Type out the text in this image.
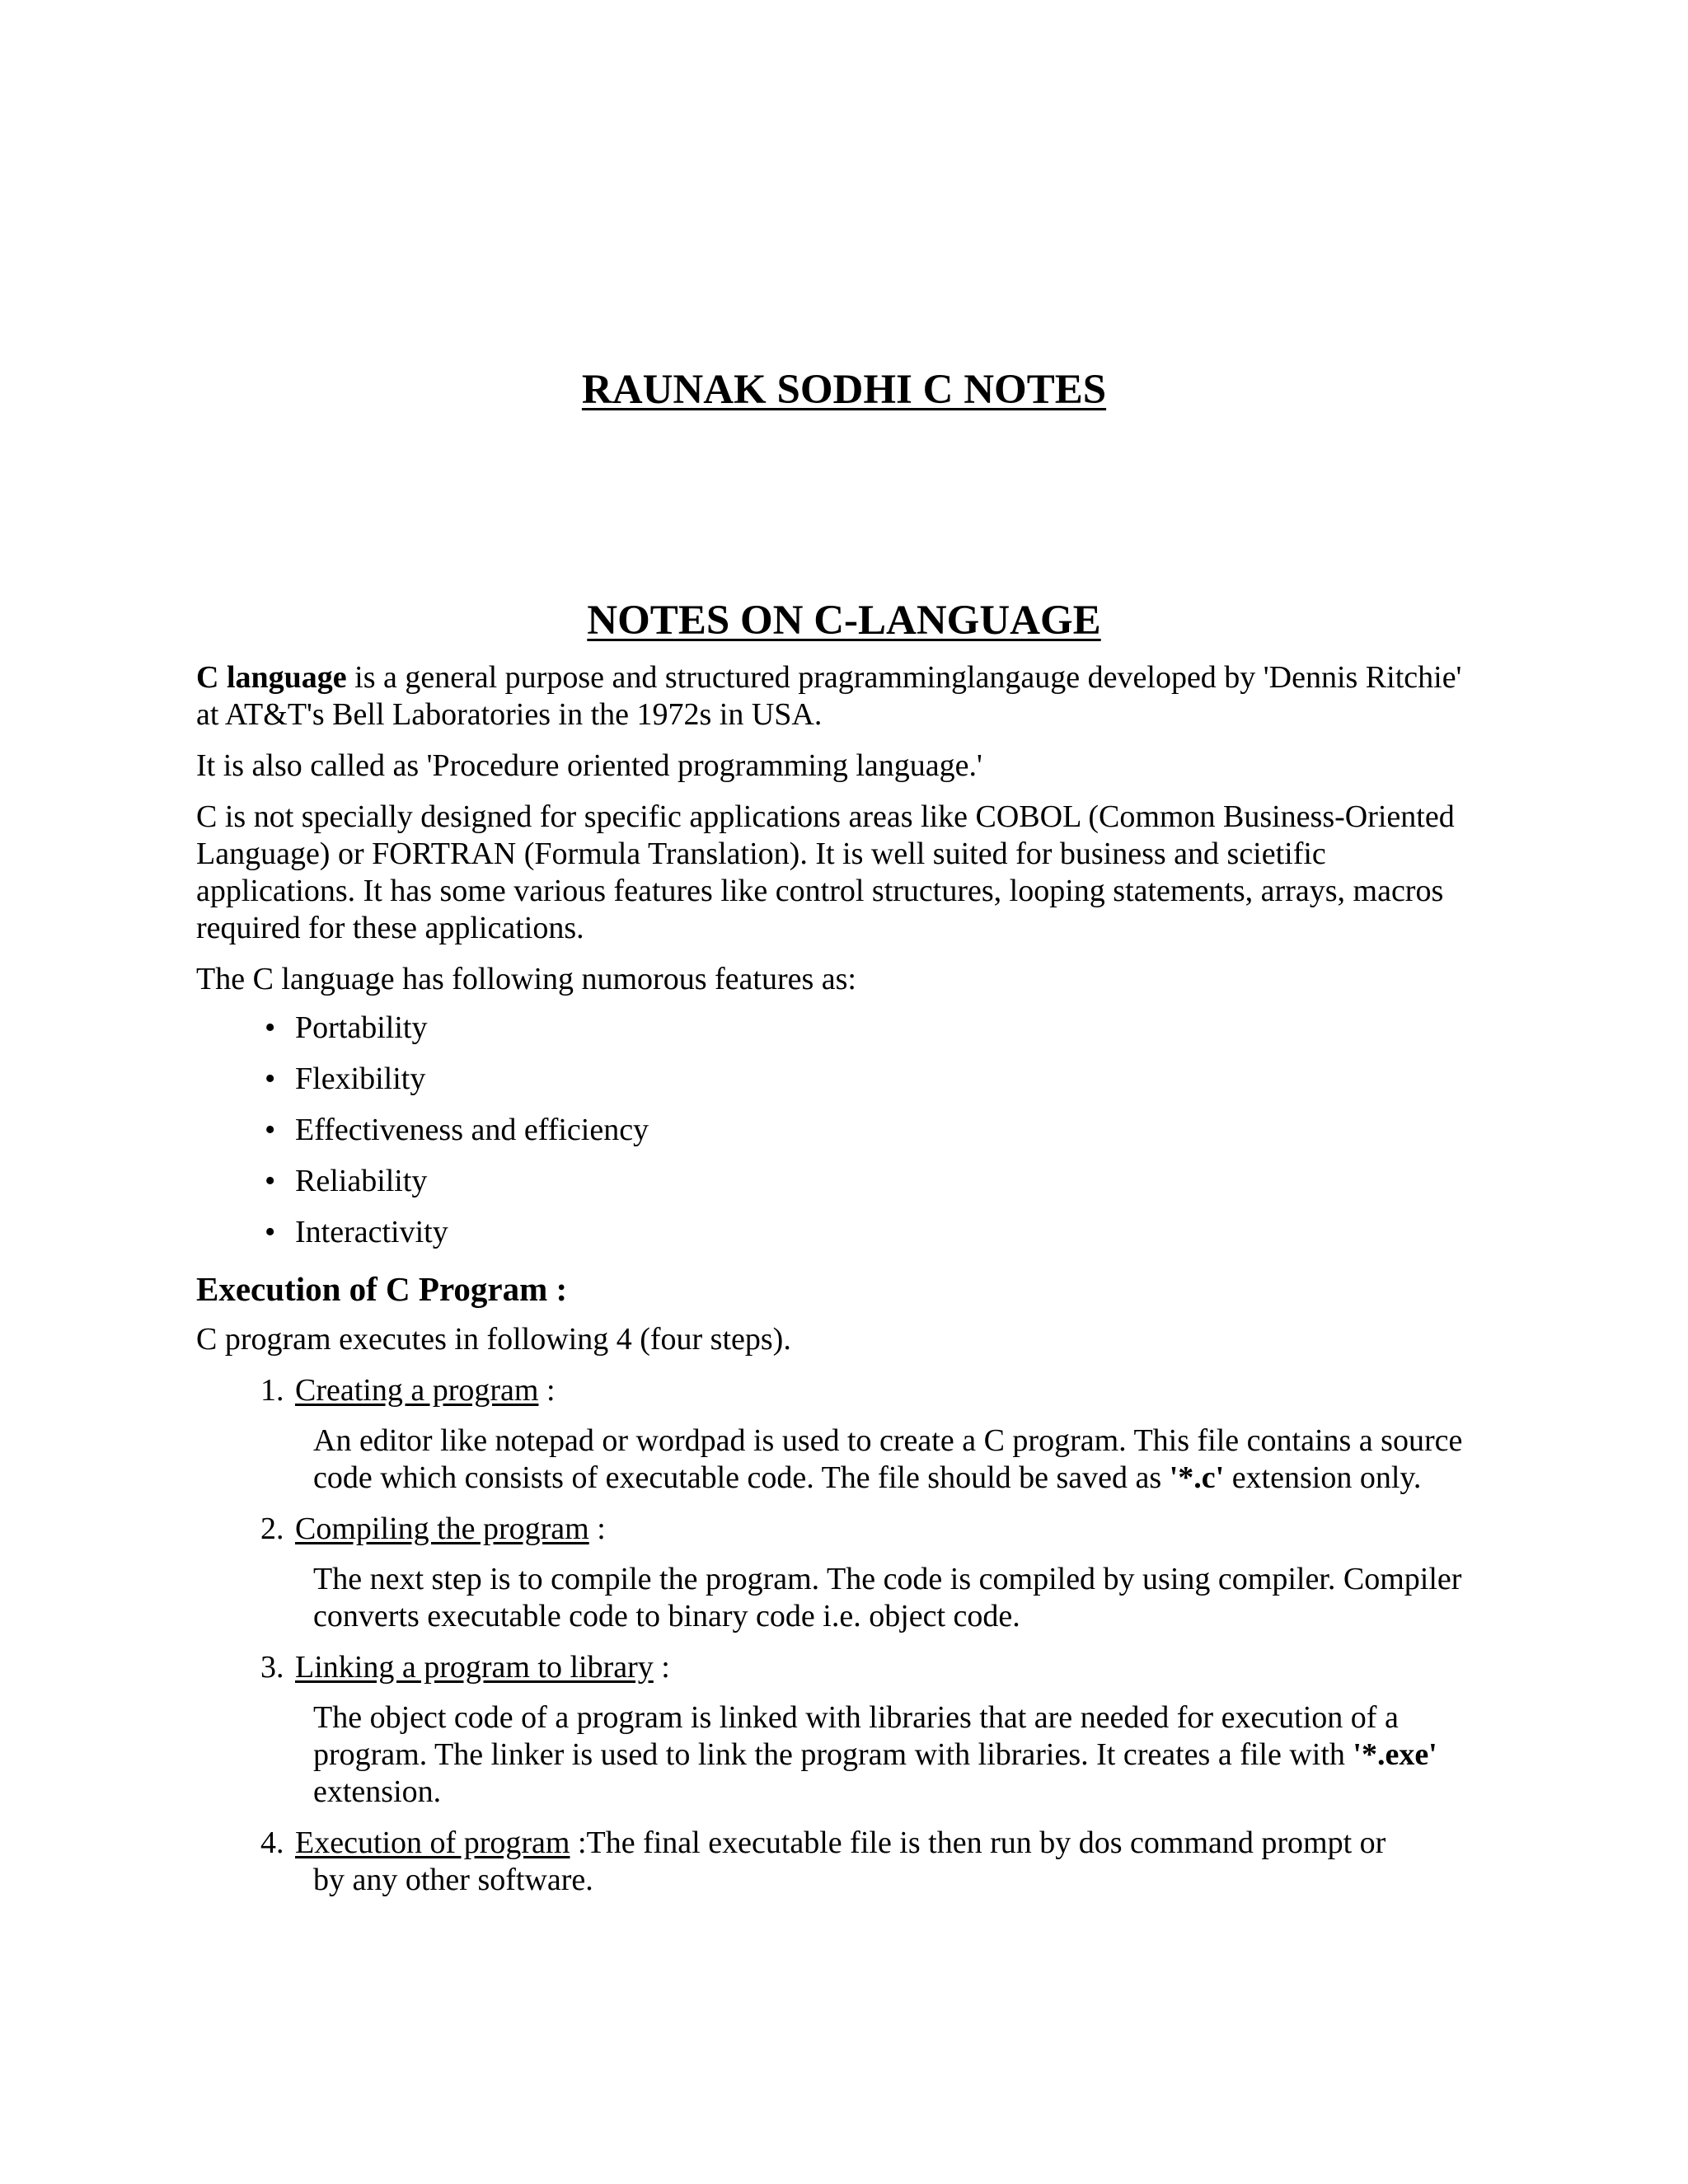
RAUNAK SODHI C NOTES
NOTES ON C-LANGUAGE

C language is a general purpose and structured pragramminglangauge developed by 'Dennis Ritchie' at AT&T's Bell Laboratories in the 1972s in USA.

It is also called as 'Procedure oriented programming language.'

C is not specially designed for specific applications areas like COBOL (Common Business-Oriented Language) or FORTRAN (Formula Translation). It is well suited for business and scietific applications. It has some various features like control structures, looping statements, arrays, macros required for these applications.

The C language has following numorous features as:

• Portability
• Flexibility
• Effectiveness and efficiency
• Reliability
• Interactivity
Execution of C Program :

C program executes in following 4 (four steps).

1. Creating a program :
An editor like notepad or wordpad is used to create a C program. This file contains a source code which consists of executable code. The file should be saved as '*.c' extension only.
2. Compiling the program :
The next step is to compile the program. The code is compiled by using compiler. Compiler converts executable code to binary code i.e. object code.
3. Linking a program to library :
The object code of a program is linked with libraries that are needed for execution of a program. The linker is used to link the program with libraries. It creates a file with '*.exe' extension.
4. Execution of program :The final executable file is then run by dos command prompt or
by any other software.
